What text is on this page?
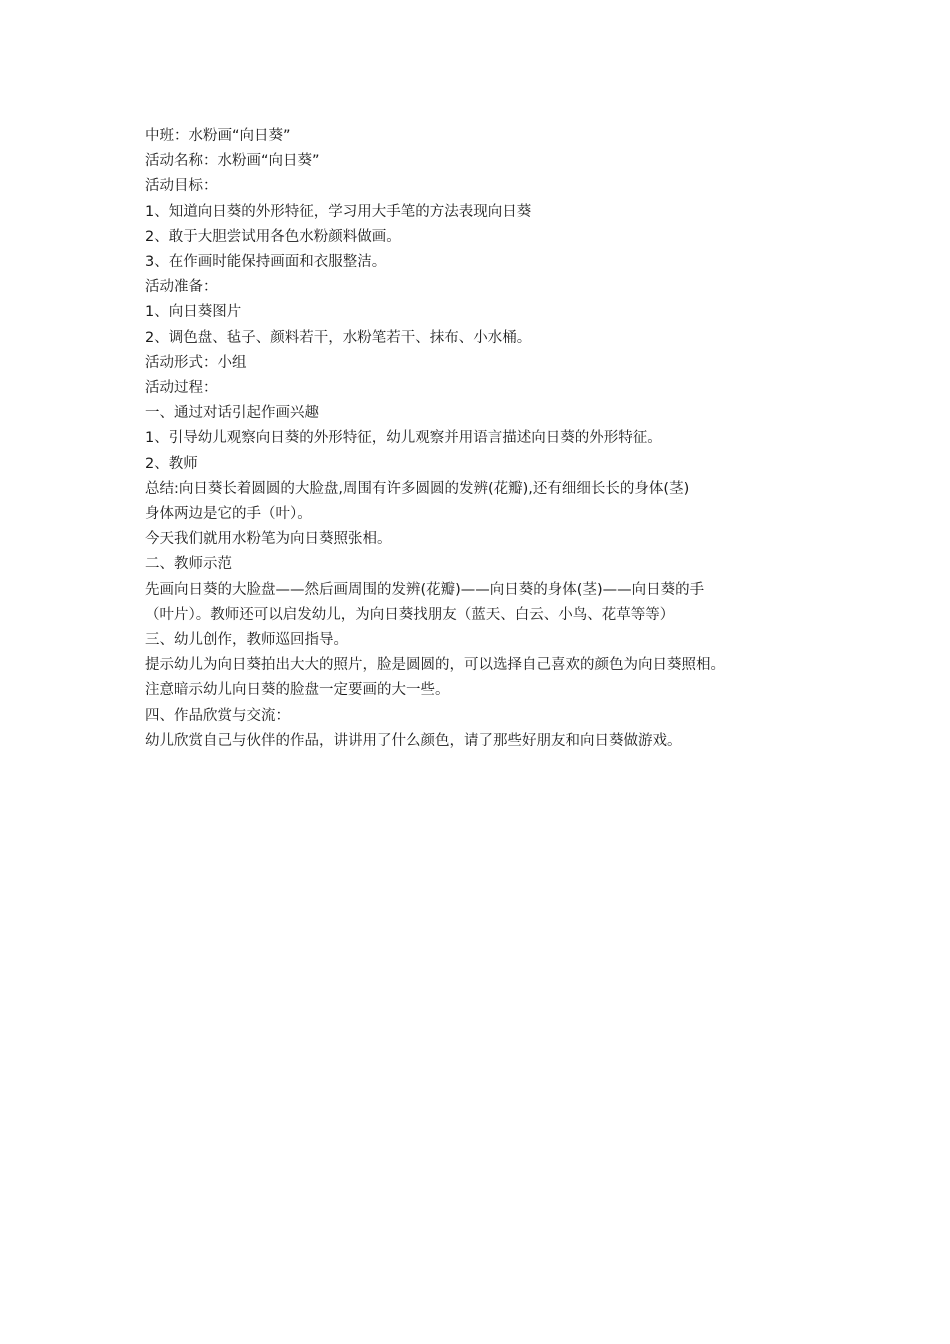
中班：水粉画“向日葵”

活动名称：水粉画“向日葵”

活动目标：

1、知道向日葵的外形特征，学习用大手笔的方法表现向日葵

2、敢于大胆尝试用各色水粉颜料做画。

3、在作画时能保持画面和衣服整洁。

活动准备：

1、向日葵图片

2、调色盘、毡子、颜料若干，水粉笔若干、抹布、小水桶。

活动形式：小组

活动过程：

一、通过对话引起作画兴趣

1、引导幼儿观察向日葵的外形特征，幼儿观察并用语言描述向日葵的外形特征。

2、教师

总结:向日葵长着圆圆的大脸盘,周围有许多圆圆的发辨(花瓣),还有细细长长的身体(茎)

身体两边是它的手（叶）。

今天我们就用水粉笔为向日葵照张相。

二、教师示范

先画向日葵的大脸盘——然后画周围的发辨(花瓣)——向日葵的身体(茎)——向日葵的手

（叶片）。教师还可以启发幼儿，为向日葵找朋友（蓝天、白云、小鸟、花草等等）

三、幼儿创作，教师巡回指导。

提示幼儿为向日葵拍出大大的照片，脸是圆圆的，可以选择自己喜欢的颜色为向日葵照相。

注意暗示幼儿向日葵的脸盘一定要画的大一些。

四、作品欣赏与交流：

幼儿欣赏自己与伙伴的作品，讲讲用了什么颜色，请了那些好朋友和向日葵做游戏。
